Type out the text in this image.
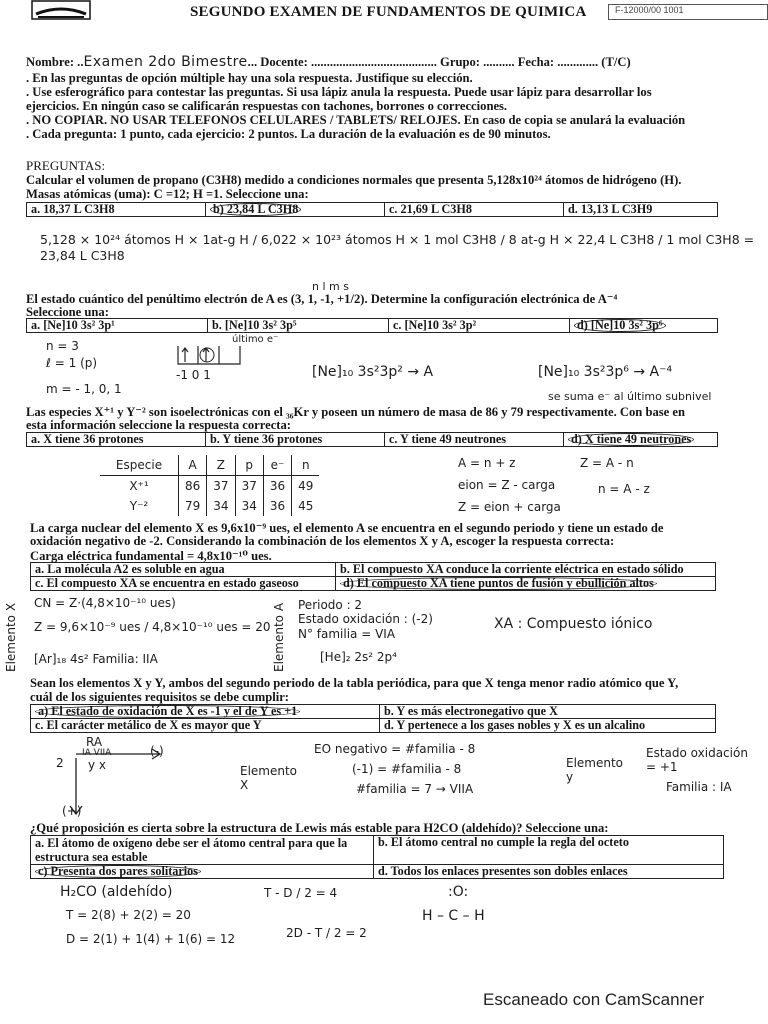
SEGUNDO EXAMEN DE FUNDAMENTOS DE QUIMICA	F-12000/00 1001
Nombre: ..Examen 2do Bimestre... Docente: ........................................ Grupo: .......... Fecha: ............. (T/C)
. En las preguntas de opción múltiple hay una sola respuesta. Justifique su elección.
. Use esferográfico para contestar las preguntas. Si usa lápiz anula la respuesta. Puede usar lápiz para desarrollar los
ejercicios. En ningún caso se calificarán respuestas con tachones, borrones o correcciones.
. NO COPIAR. NO USAR TELEFONOS CELULARES / TABLETS/ RELOJES. En caso de copia se anulará la evaluación
. Cada pregunta: 1 punto, cada ejercicio: 2 puntos. La duración de la evaluación es de 90 minutos.
PREGUNTAS:
Calcular el volumen de propano (C3H8) medido a condiciones normales que presenta 5,128x10²⁴ átomos de hidrógeno (H).
Masas atómicas (uma): C =12; H =1. Seleccione una:
a. 18,37 L C3H8	b) 23,84 L C3H8	c. 21,69 L C3H8	d. 13,13 L C3H9
5,128 × 10²⁴ átomos H × 1at-g H / 6,022 × 10²³ átomos H × 1 mol C3H8 / 8 at-g H × 22,4 L C3H8 / 1 mol C3H8 = 23,84 L C3H8
n l m s
El estado cuántico del penúltimo electrón de A es (3, 1, -1, +1/2). Determine la configuración electrónica de A⁻⁴
Seleccione una:
a. [Ne]10 3s² 3p¹	b. [Ne]10 3s² 3p⁵	c. [Ne]10 3s² 3p²	d) [Ne]10 3s² 3p⁶
n = 3
ℓ = 1 (p)
m = - 1, 0, 1
último e⁻
-1 0 1	[Ne]₁₀ 3s²3p² → A	[Ne]₁₀ 3s²3p⁶ → A⁻⁴
se suma e⁻ al último subnivel
Las especies X⁺¹ y Y⁻² son isoelectrónicas con el ₃₆Kr y poseen un número de masa de 86 y 79 respectivamente. Con base en
esta información seleccione la respuesta correcta:
a. X tiene 36 protones	b. Y tiene 36 protones	c. Y tiene 49 neutrones	d) X tiene 49 neutrones
Especie	A	Z	p	e⁻	n
X⁺¹	86	37	37	36	49
Y⁻²	79	34	34	36	45
A = n + z	Z = A - n
eion = Z - carga	n = A - z
Z = eion + carga
La carga nuclear del elemento X es 9,6x10⁻⁹ ues, el elemento A se encuentra en el segundo periodo y tiene un estado de
oxidación negativo de -2. Considerando la combinación de los elementos X y A, escoger la respuesta correcta:
Carga eléctrica fundamental = 4,8x10⁻¹⁰ ues.
a. La molécula A2 es soluble en agua	b. El compuesto XA conduce la corriente eléctrica en estado sólido
c. El compuesto XA se encuentra en estado gaseoso	d) El compuesto XA tiene puntos de fusión y ebullición altos
Elemento X CN = Z·(4,8×10⁻¹⁰ ues)
Z = 9,6×10⁻⁹ ues / 4,8×10⁻¹⁰ ues = 20
[Ar]₁₈ 4s² Familia: IIA	Elemento A Periodo : 2
Estado oxidación : (-2)
N° familia = VIA
[He]₂ 2s² 2p⁴
XA : Compuesto iónico
Sean los elementos X y Y, ambos del segundo periodo de la tabla periódica, para que X tenga menor radio atómico que Y,
cuál de los siguientes requisitos se debe cumplir:
a) El estado de oxidación de X es -1 y el de Y es +1	b. Y es más electronegativo que X
c. El carácter metálico de X es mayor que Y	d. Y pertenece a los gases nobles y X es un alcalino
RA
IA VIIA	(-)
2 y x
(+)
Elemento X
EO negativo = #familia - 8
(-1) = #familia - 8
#familia = 7 → VIIA
Elemento y
Estado oxidación = +1
Familia : IA
¿Qué proposición es cierta sobre la estructura de Lewis más estable para H2CO (aldehído)? Seleccione una:
a. El átomo de oxígeno debe ser el átomo central para que la estructura sea estable	b. El átomo central no cumple la regla del octeto
c) Presenta dos pares solitarios	d. Todos los enlaces presentes son dobles enlaces
H₂CO (aldehído)
T = 2(8) + 2(2) = 20
D = 2(1) + 1(4) + 1(6) = 12
T - D / 2 = 4
2D - T / 2 = 2
:O:
H – C – H
Escaneado con CamScanner
